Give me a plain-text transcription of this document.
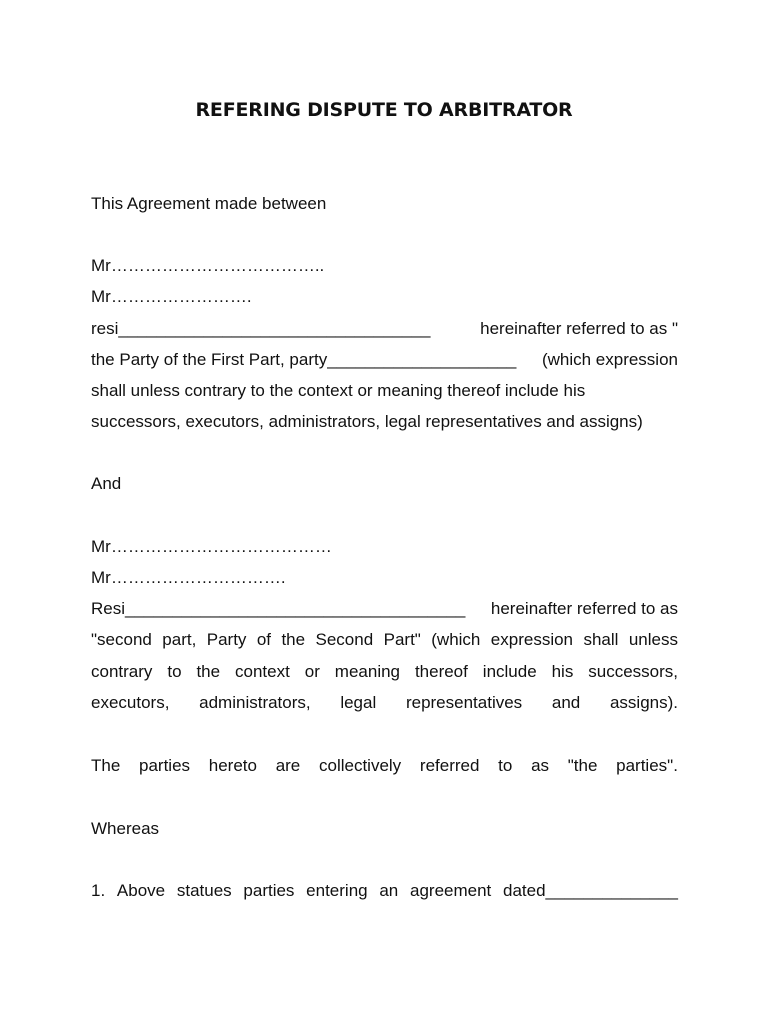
REFERING DISPUTE TO ARBITRATOR
This Agreement made between
Mr………………………………..
Mr…………………….
resi_________________________________	hereinafter referred to as "
the Party of the First Part, party____________________ (which expression
shall unless contrary to the context or meaning thereof include his
successors, executors, administrators, legal representatives and assigns)
And
Mr…………………………………
Mr………………………….
Resi____________________________________ hereinafter referred to as
"second part, Party of the Second Part" (which expression shall unless
contrary to the context or meaning thereof include his successors,
executors, administrators, legal representatives and assigns).
The parties hereto are collectively referred to as "the parties".
Whereas
1. Above statues parties entering an agreement dated______________
